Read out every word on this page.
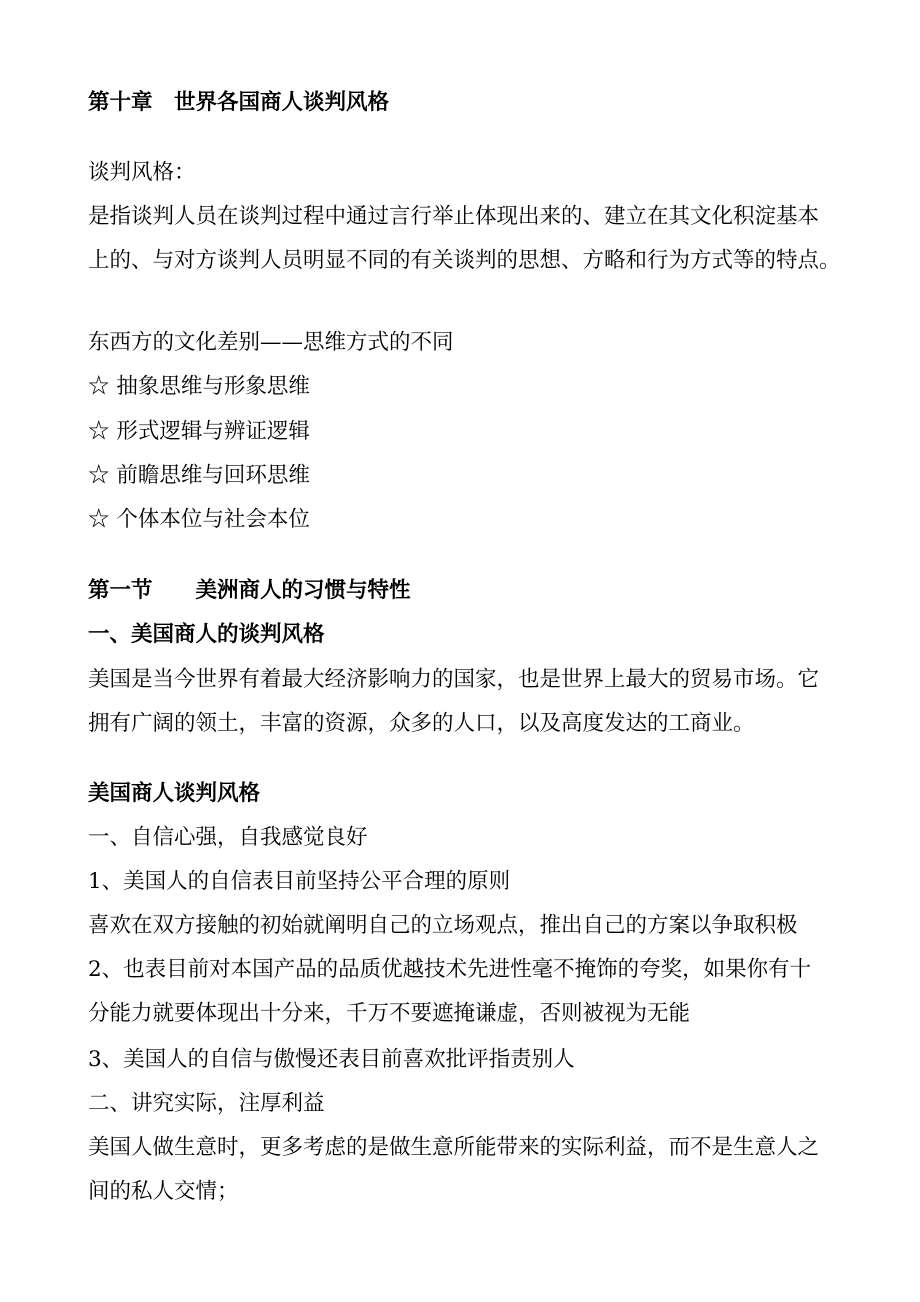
第十章　世界各国商人谈判风格
谈判风格：
是指谈判人员在谈判过程中通过言行举止体现出来的、建立在其文化积淀基本
上的、与对方谈判人员明显不同的有关谈判的思想、方略和行为方式等的特点。
东西方的文化差别——思维方式的不同
☆ 抽象思维与形象思维
☆ 形式逻辑与辨证逻辑
☆ 前瞻思维与回环思维
☆ 个体本位与社会本位
第一节　　美洲商人的习惯与特性
一、美国商人的谈判风格
美国是当今世界有着最大经济影响力的国家，也是世界上最大的贸易市场。它
拥有广阔的领土，丰富的资源，众多的人口，以及高度发达的工商业。
美国商人谈判风格
一、自信心强，自我感觉良好
1、美国人的自信表目前坚持公平合理的原则
喜欢在双方接触的初始就阐明自己的立场观点，推出自己的方案以争取积极
2、也表目前对本国产品的品质优越技术先进性毫不掩饰的夸奖，如果你有十
分能力就要体现出十分来，千万不要遮掩谦虚，否则被视为无能
3、美国人的自信与傲慢还表目前喜欢批评指责别人
二、讲究实际，注厚利益
美国人做生意时，更多考虑的是做生意所能带来的实际利益，而不是生意人之
间的私人交情；
